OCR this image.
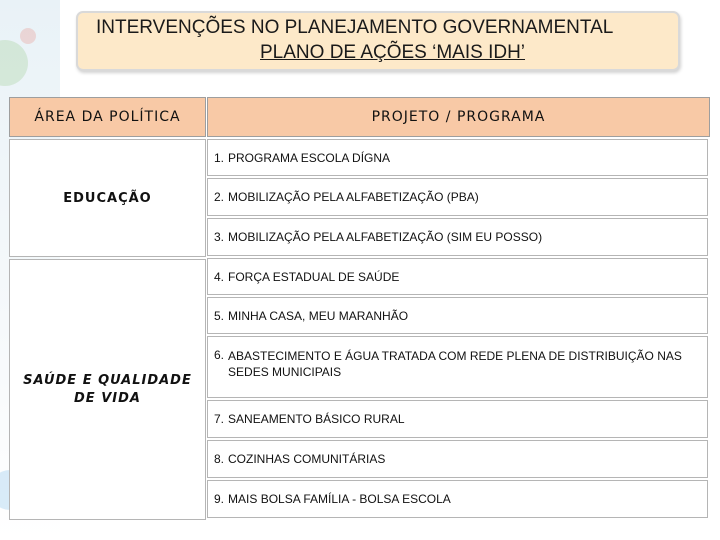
INTERVENÇÕES NO PLANEJAMENTO GOVERNAMENTAL
PLANO DE AÇÕES ‘MAIS IDH’
ÁREA DA POLÍTICA	PROJETO / PROGRAMA
EDUCAÇÃO
SAÚDE E QUALIDADE DE VIDA
1. PROGRAMA ESCOLA DÍGNA
2. MOBILIZAÇÃO PELA ALFABETIZAÇÃO (PBA)
3. MOBILIZAÇÃO PELA ALFABETIZAÇÃO (SIM EU POSSO)
4. FORÇA ESTADUAL DE SAÚDE
5. MINHA CASA, MEU MARANHÃO
6. ABASTECIMENTO E ÁGUA TRATADA COM REDE PLENA DE DISTRIBUIÇÃO NAS SEDES MUNICIPAIS
7. SANEAMENTO BÁSICO RURAL
8. COZINHAS COMUNITÁRIAS
9. MAIS BOLSA FAMÍLIA - BOLSA ESCOLA
